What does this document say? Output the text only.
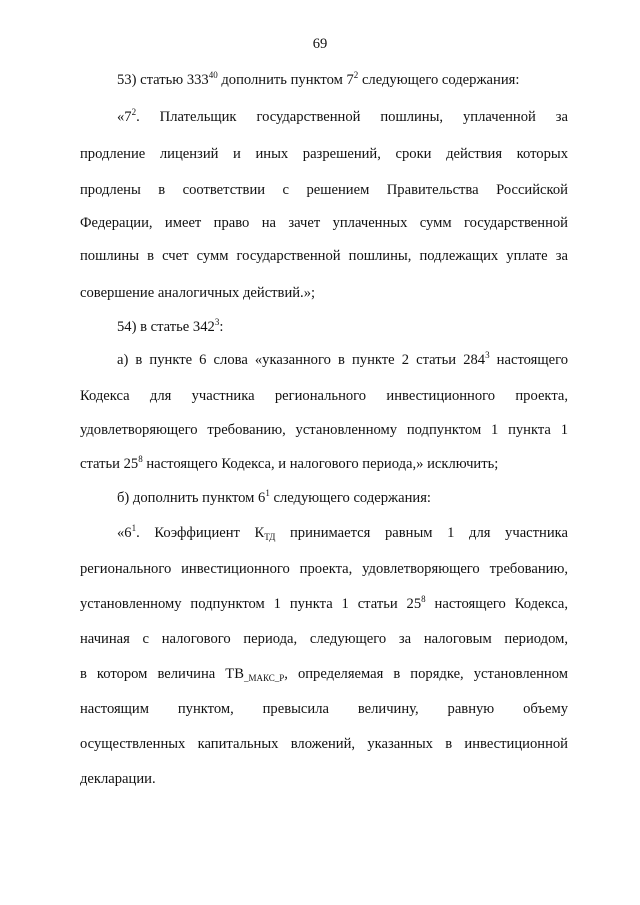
69
53) статью $333^{40}$ дополнить пунктом $7^2$ следующего содержания:
«$7^2$. Плательщик государственной пошлины, уплаченной за
продление лицензий и иных разрешений, сроки действия которых
продлены в соответствии с решением Правительства Российской
Федерации, имеет право на зачет уплаченных сумм государственной
пошлины в счет сумм государственной пошлины, подлежащих уплате за
совершение аналогичных действий.»;
54) в статье $342^3$:
а) в пункте 6 слова «указанного в пункте 2 статьи $284^3$ настоящего
Кодекса для участника регионального инвестиционного проекта,
удовлетворяющего требованию, установленному подпунктом 1 пункта 1
статьи $25^8$ настоящего Кодекса, и налогового периода,» исключить;
б) дополнить пунктом $6^1$ следующего содержания:
«$6^1$. Коэффициент $К_{ТД}$ принимается равным 1 для участника
регионального инвестиционного проекта, удовлетворяющего требованию,
установленному подпунктом 1 пункта 1 статьи $25^8$ настоящего Кодекса,
начиная с налогового периода, следующего за налоговым периодом,
в котором величина $ТВ_{\_МАКС\_Р}$, определяемая в порядке, установленном
настоящим пунктом, превысила величину, равную объему
осуществленных капитальных вложений, указанных в инвестиционной
декларации.
